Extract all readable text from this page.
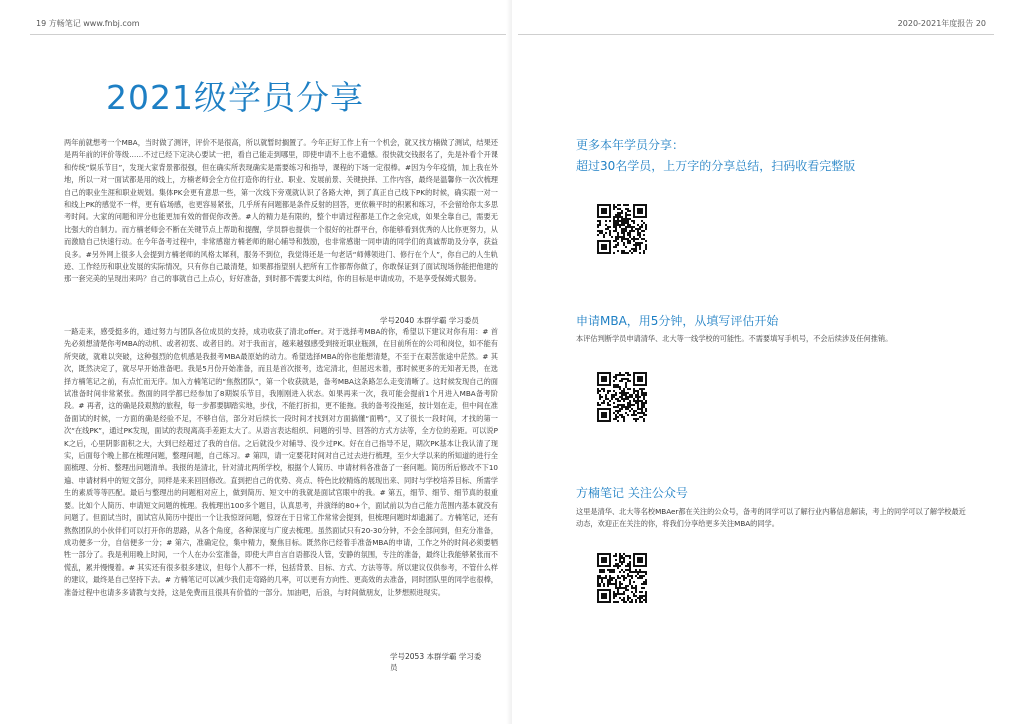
19 方畅笔记 www.fnbj.com
2021级学员分享
两年前就想考一个MBA，当时做了测评，评价不是很高，所以就暂时搁置了。今年正好工作上有一个机会，就又找方楠做了测试，结果还是两年前的评价等级……不过已经下定决心要试一把，看自己能走到哪里，即使申请不上也不遗憾。很快就交钱报名了，先是补看个开课和传统“娱乐节目”，发现大家背景都很强，但在确实所表现确实是需要练习和指导，课程的下场一定很棒。#因为今年疫情，加上我在外地，所以一对一面试都是用的线上，方楠老师会全方位打造你的行业、职业、发展前景、关键抉择、工作内容，最终是温馨你一次次梳理自己的职业生涯和职业规划。集体PK会更有意思一些，第一次线下旁观就认识了各路大神，到了真正自己线下PK的时候，确实跟一对一和线上PK的感觉不一样，更有临场感，也更容易紧张，几乎所有问题都是条件反射的回答，更依赖平时的积累和练习，不会留给你太多思考时间。大家的问题和评分也能更加有效的督促你改善。#人的精力是有限的，整个申请过程都是工作之余完成，如果全靠自己，需要无比强大的自制力。而方楠老师会不断在关键节点上帮助和提醒，学员群也提供一个很好的社群平台，你能够看到优秀的人比你更努力，从而激励自己快速行动。在今年备考过程中，非常感谢方楠老师的耐心辅导和鼓励，也非常感谢一同申请的同学们的真诚帮助及分享，获益良多。#另外网上很多人会提到方楠老师的风格太犀利，服务不到位，我觉得还是一句老话“师傅领进门、修行在个人”，你自己的人生轨迹、工作经历和职业发展的实际情况，只有你自己最清楚，如果都指望别人把所有工作都帮你做了，你敢保证到了面试现场你能把他建的那一套完美的呈现出来吗？自己的事就自己上点心，好好准备，到时都不需要太纠结，你的目标是申请成功，不是享受保姆式服务。
学号2040 本群学霸 学习委员
一路走来，感受挺多的，通过努力与团队各位成员的支持，成功收获了清北offer。对于选择考MBA的你，希望以下建议对你有用：# 首先必须想清楚你考MBA的动机、或者初衷、或者目的。对于我而言，越来越强感受到接近职业瓶颈，在目前所在的公司和岗位，如不能有所突破，就难以突破，这种强烈的危机感是我报考MBA最原始的动力。希望选择MBA的你也能想清楚，不至于在艰苦旅途中茫然。# 其次，既然决定了，就尽早开始准备吧。我是5月份开始准备，而且是首次报考，选定清北，但屈迟未着，那时候更多的无知者无畏，在选择方楠笔记之前，有点忙而无序。加入方楠笔记的“焦熬团队”，第一个收获就是，备考MBA这条路怎么走变清晰了。这时候发现自己的面试准备时间非常紧张。熬面的同学都已经参加了8期娱乐节目，我刚刚进入状态。如果再来一次，我可能会提前1个月进入MBA备考阶段。# 再者，这的确是段艰熬的旅程，每一步都要脚踏实地，步伐，不能打折扣，更不能拖。我的备考没拖延，按计划在走，但中间在准备面试的时候，一方面的确是经验不足，不够自信，部分对后续长一段时间才找到对方面搞懂“面鸭”，又了很长一段时间，才找的第一次“在线PK”，通过PK发现，面试的表现离高手差距太大了。从语言表达组织、问题的引导、回答的方式方法等，全方位的差距。可以说PK之后，心里阴影面积之大，大到已经超过了我的自信。之后就没少对辅导、没少过PK。好在自己指导不足，期次PK基本让我认清了现实，后面每个晚上都在梳理问题，整理问题，自己练习。# 第四，请一定要花时间对自己过去进行梳理，至少大学以来的所知道的进行全面梳理、分析、整理出问题清单。我报的是清北，针对清北两所学校，根据个人简历、申请材料各准备了一套问题。简历所后修改不下10遍、申请材料中的短文部分，同样是来来回回修改。直到把自己的优势、亮点、特色比较精炼的展现出来、同时与学校培养目标、所需学生的素质等等匹配。最后与整理出的问题相对应上，做到简历、短文中的我就是面试官眼中的我。# 第五，细节、细节、细节真的很重要。比如个人简历、申请短文问题的梳理。我梳理出100多个题目，认真思考，并演绎的80+个，面试前以为自己能力范围内基本就没有问题了。但面试当时，面试官从简历中提出一个让我惊讶问题，惊讶在于日常工作常常会提到，但梳理问题时却遗漏了。方楠笔记，还有熬熬团队的小伙伴们可以打开你的思路，从各个角度，各种深度与广度去梳理。虽然面试只有20-30分钟，不会全部问到，但充分准备，成功便多一分，自信便多一分；# 第六，准确定位，集中精力，聚焦目标。既然你已经着手准备MBA的申请，工作之外的时间必须要牺牲一部分了。我是利用晚上时间，一个人在办公室准备，即使大声自言自语都没人管，安静的氛围，专注的准备，最终让我能够紧张而不慌乱，累并慢慢着。# 其实还有很多很多建议，但每个人都不一样，包括背景、目标、方式、方法等等。所以建议仅供参考，不管什么样的建议，最终是自己坚持下去。# 方楠笔记可以减少我们走弯路的几率，可以更有方向性、更高效的去准备，同时团队里的同学也很棒，准备过程中也请多多请教与支持，这是免费而且很具有价值的一部分。加油吧，后浪，与时间做朋友，让梦想照进现实。
学号2053 本群学霸 学习委员
2020-2021年度报告 20
更多本年学员分享：
超过30名学员，上万字的分享总结，扫码收看完整版
申请MBA，用5分钟，从填写评估开始
本评估判断学员申请清华、北大等一线学校的可能性。不需要填写手机号，不会后续涉及任何推销。
方楠笔记 关注公众号
这里是清华、北大等名校MBAer都在关注的公众号，备考的同学可以了解行业内幕信息解读，考上的同学可以了解学校最近动态，欢迎正在关注的你，将我们分享给更多关注MBA的同学。
